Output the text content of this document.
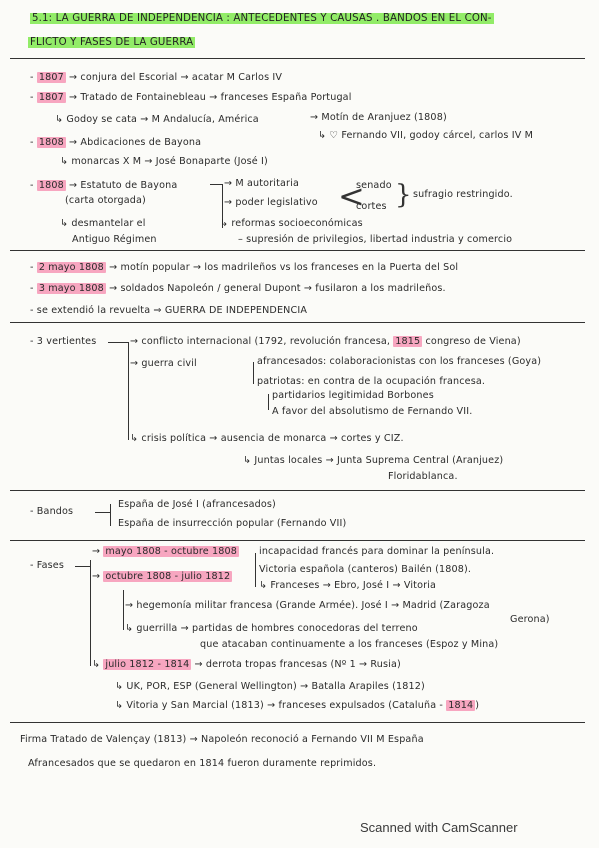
5.1: LA GUERRA DE INDEPENDENCIA : ANTECEDENTES Y CAUSAS . BANDOS EN EL CON-
FLICTO Y FASES DE LA GUERRA
- 1807 → conjura del Escorial → acatar M Carlos IV
- 1807 → Tratado de Fontainebleau → franceses España Portugal
↳ Godoy se cata → M Andalucía, América	→ Motín de Aranjuez (1808)
- 1808 → Abdicaciones de Bayona
↳ ♡ Fernando VII, godoy cárcel, carlos IV M
↳ monarcas X M → José Bonaparte (José I)
- 1808 → Estatuto de Bayona
(carta otorgada)
→ M autoritaria
→ poder legislativo <
senado
cortes } sufragio restringido.
↳ desmantelar el
Antiguo Régimen
↳ reformas socioeconómicas
– supresión de privilegios, libertad industria y comercio
- 2 mayo 1808 → motín popular → los madrileños vs los franceses en la Puerta del Sol
- 3 mayo 1808 → soldados Napoleón / general Dupont → fusilaron a los madrileños.
- se extendió la revuelta ⇒ GUERRA DE INDEPENDENCIA
- 3 vertientes	→ conflicto internacional (1792, revolución francesa, 1815 congreso de Viena)
→ guerra civil	afrancesados: colaboracionistas con los franceses (Goya)
patriotas: en contra de la ocupación francesa.
partidarios legitimidad Borbones
A favor del absolutismo de Fernando VII.
↳ crisis política → ausencia de monarca → cortes y CIZ.
↳ Juntas locales → Junta Suprema Central (Aranjuez)
Floridablanca.
- Bandos
España de José I (afrancesados)
España de insurrección popular (Fernando VII)
- Fases
→ mayo 1808 - octubre 1808 incapacidad francés para dominar la península.
Victoria española (canteros) Bailén (1808).
↳ Franceses → Ebro, José I → Vitoria
→ octubre 1808 - julio 1812
→ hegemonía militar francesa (Grande Armée). José I → Madrid (Zaragoza
Gerona)
↳ guerrilla → partidas de hombres conocedoras del terreno
que atacaban continuamente a los franceses (Espoz y Mina)
↳ julio 1812 - 1814 → derrota tropas francesas (Nº 1 → Rusia)
↳ UK, POR, ESP (General Wellington) → Batalla Arapiles (1812)
↳ Vitoria y San Marcial (1813) → franceses expulsados (Cataluña - 1814 )
Firma Tratado de Valençay (1813) → Napoleón reconoció a Fernando VII M España
Afrancesados que se quedaron en 1814 fueron duramente reprimidos.
Scanned with CamScanner
